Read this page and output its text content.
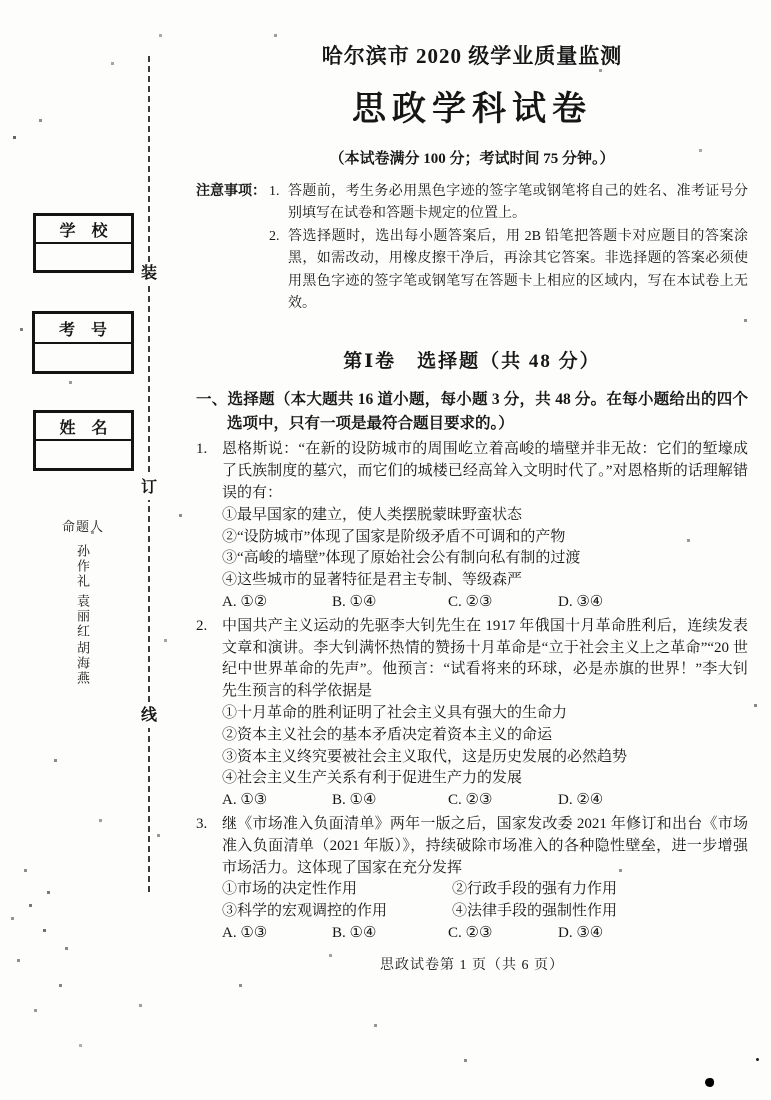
装
订
线
学　校
考　号
姓　名
命题人
孙作礼
袁丽红
胡海燕
哈尔滨市 2020 级学业质量监测
思政学科试卷
（本试卷满分 100 分；考试时间 75 分钟。）
注意事项： 1. 答题前，考生务必用黑色字迹的签字笔或钢笔将自己的姓名、准考证号分别填写在试卷和答题卡规定的位置上。
2. 答选择题时，选出每小题答案后，用 2B 铅笔把答题卡对应题目的答案涂黑，如需改动，用橡皮擦干净后，再涂其它答案。非选择题的答案必须使用黑色字迹的签字笔或钢笔写在答题卡上相应的区域内，写在本试卷上无效。
第Ⅰ卷　选择题（共 48 分）
一、选择题（本大题共 16 道小题，每小题 3 分，共 48 分。在每小题给出的四个选项中，只有一项是最符合题目要求的。）
1. 恩格斯说：“在新的设防城市的周围屹立着高峻的墙壁并非无故：它们的堑壕成了氏族制度的墓穴，而它们的城楼已经高耸入文明时代了。”对恩格斯的话理解错误的有：
①最早国家的建立，使人类摆脱蒙昧野蛮状态
②“设防城市”体现了国家是阶级矛盾不可调和的产物
③“高峻的墙壁”体现了原始社会公有制向私有制的过渡
④这些城市的显著特征是君主专制、等级森严
A. ①②	B. ①④	C. ②③	D. ③④
2. 中国共产主义运动的先驱李大钊先生在 1917 年俄国十月革命胜利后，连续发表文章和演讲。李大钊满怀热情的赞扬十月革命是“立于社会主义上之革命”“20 世纪中世界革命的先声”。他预言：“试看将来的环球，必是赤旗的世界！”李大钊先生预言的科学依据是
①十月革命的胜利证明了社会主义具有强大的生命力
②资本主义社会的基本矛盾决定着资本主义的命运
③资本主义终究要被社会主义取代，这是历史发展的必然趋势
④社会主义生产关系有利于促进生产力的发展
A. ①③	B. ①④	C. ②③	D. ②④
3. 继《市场准入负面清单》两年一版之后，国家发改委 2021 年修订和出台《市场准入负面清单（2021 年版）》，持续破除市场准入的各种隐性壁垒，进一步增强市场活力。这体现了国家在充分发挥
①市场的决定性作用	②行政手段的强有力作用
③科学的宏观调控的作用	④法律手段的强制性作用
A. ①③	B. ①④	C. ②③	D. ③④
思政试卷第 1 页（共 6 页）
